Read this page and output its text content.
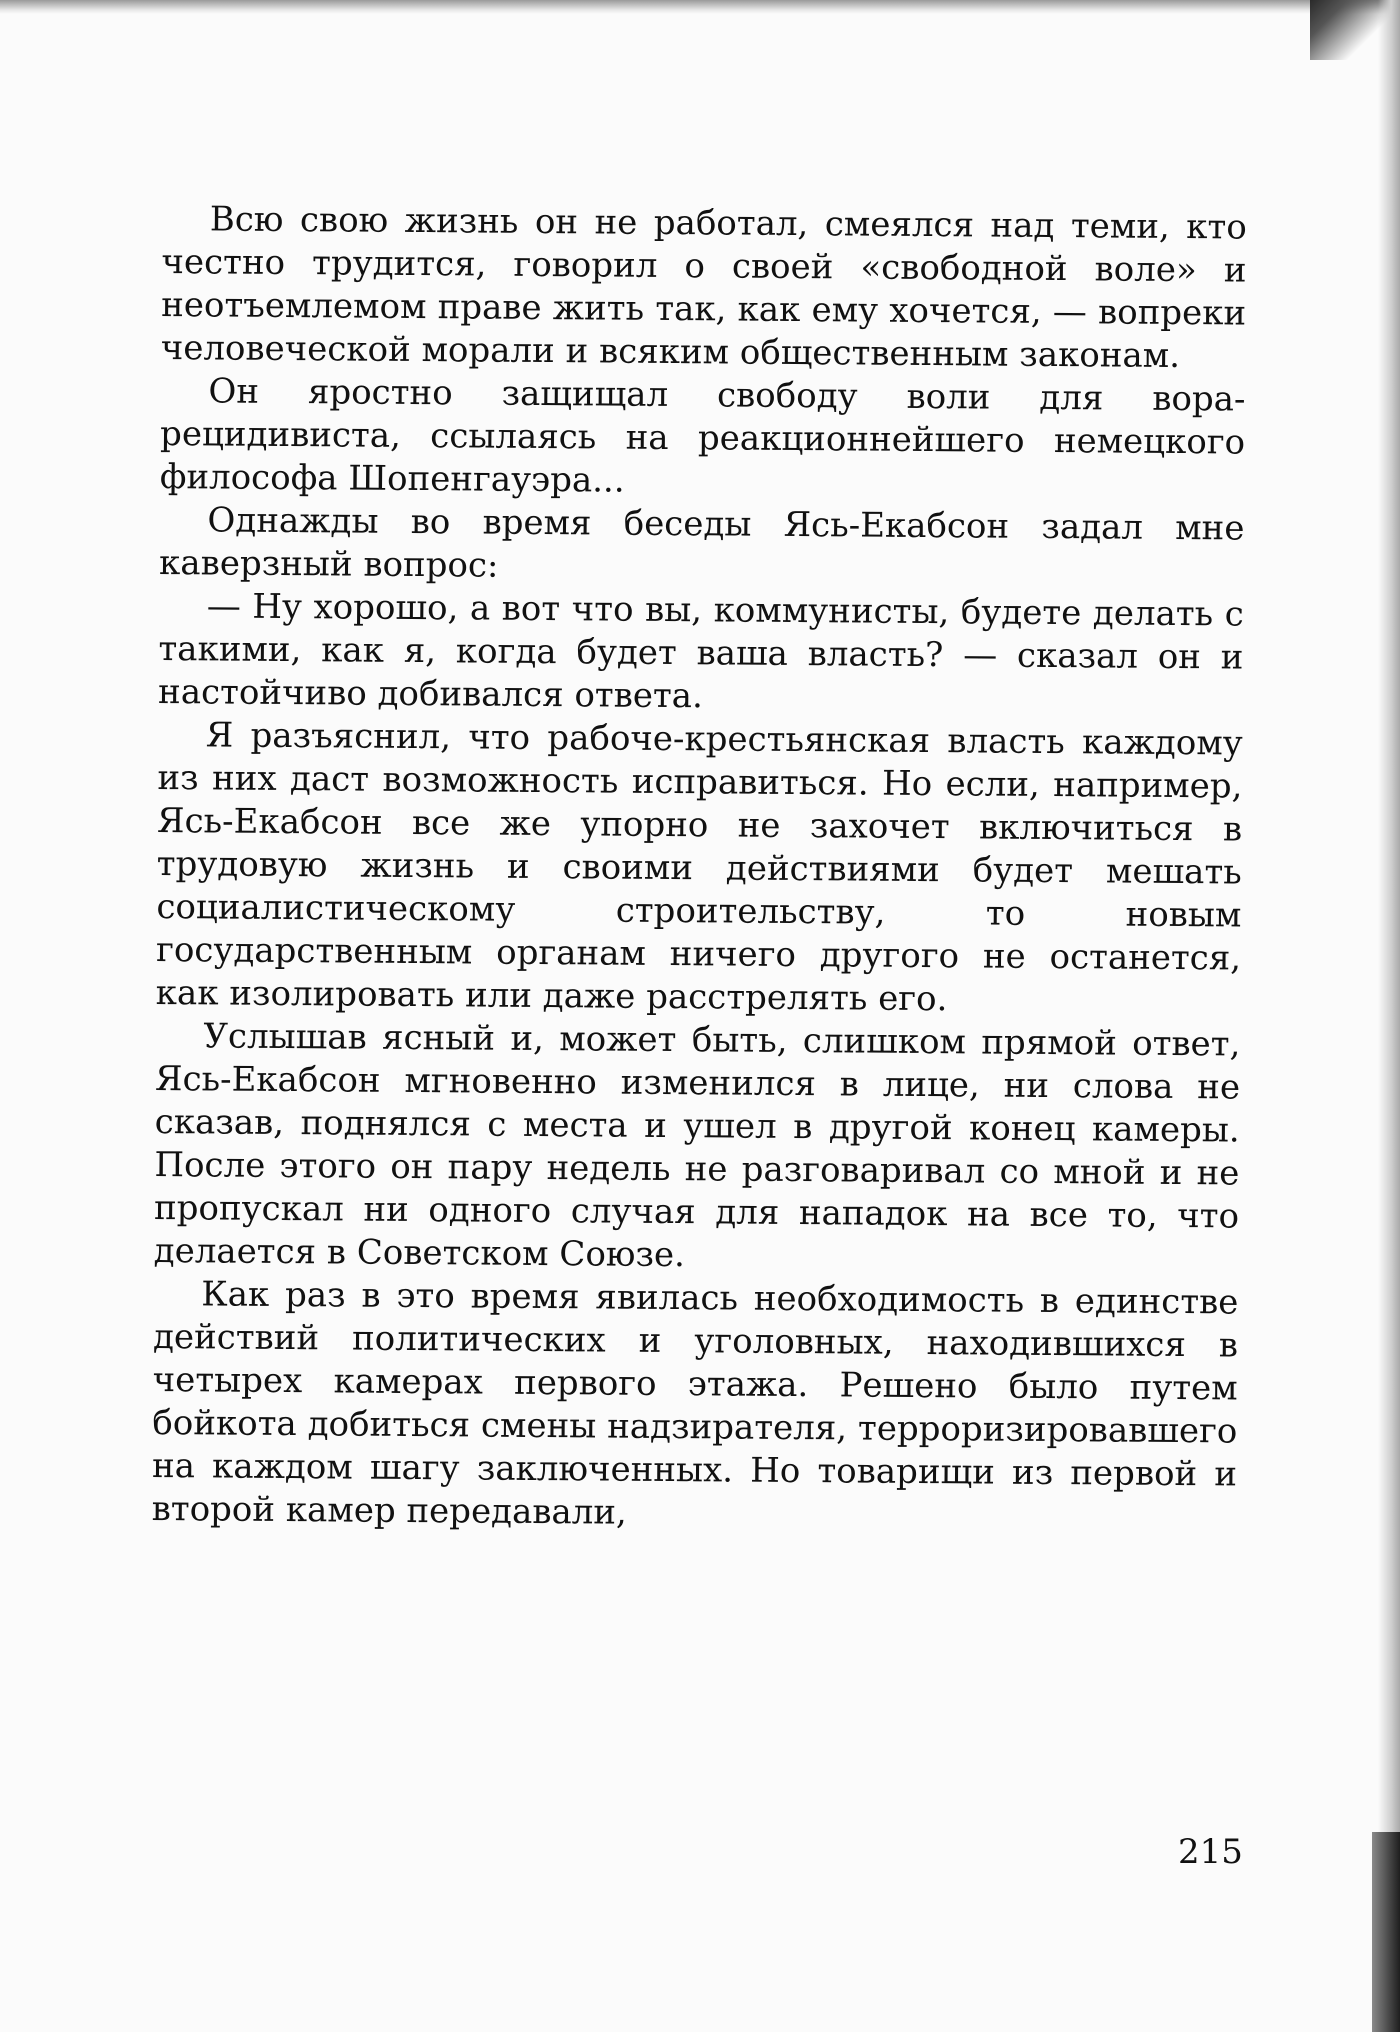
Всю свою жизнь он не работал, смеялся над теми, кто честно трудится, говорил о своей «свободной воле» и неотъемлемом праве жить так, как ему хочется, — вопреки человеческой морали и всяким общественным законам.

Он яростно защищал свободу воли для вора-рецидивиста, ссылаясь на реакционнейшего немецкого философа Шопенгауэра...

Однажды во время беседы Ясь-Екабсон задал мне каверзный вопрос:

— Ну хорошо, а вот что вы, коммунисты, будете делать с такими, как я, когда будет ваша власть? — сказал он и настойчиво добивался ответа.

Я разъяснил, что рабоче-крестьянская власть каждому из них даст возможность исправиться. Но если, например, Ясь-Екабсон все же упорно не захочет включиться в трудовую жизнь и своими действиями будет мешать социалистическому строительству, то новым государственным органам ничего другого не останется, как изолировать или даже расстрелять его.

Услышав ясный и, может быть, слишком прямой ответ, Ясь-Екабсон мгновенно изменился в лице, ни слова не сказав, поднялся с места и ушел в другой конец камеры. После этого он пару недель не разговаривал со мной и не пропускал ни одного случая для нападок на все то, что делается в Советском Союзе.

Как раз в это время явилась необходимость в единстве действий политических и уголовных, находившихся в четырех камерах первого этажа. Решено было путем бойкота добиться смены надзирателя, терроризировавшего на каждом шагу заключенных. Но товарищи из первой и второй камер передавали,

215
